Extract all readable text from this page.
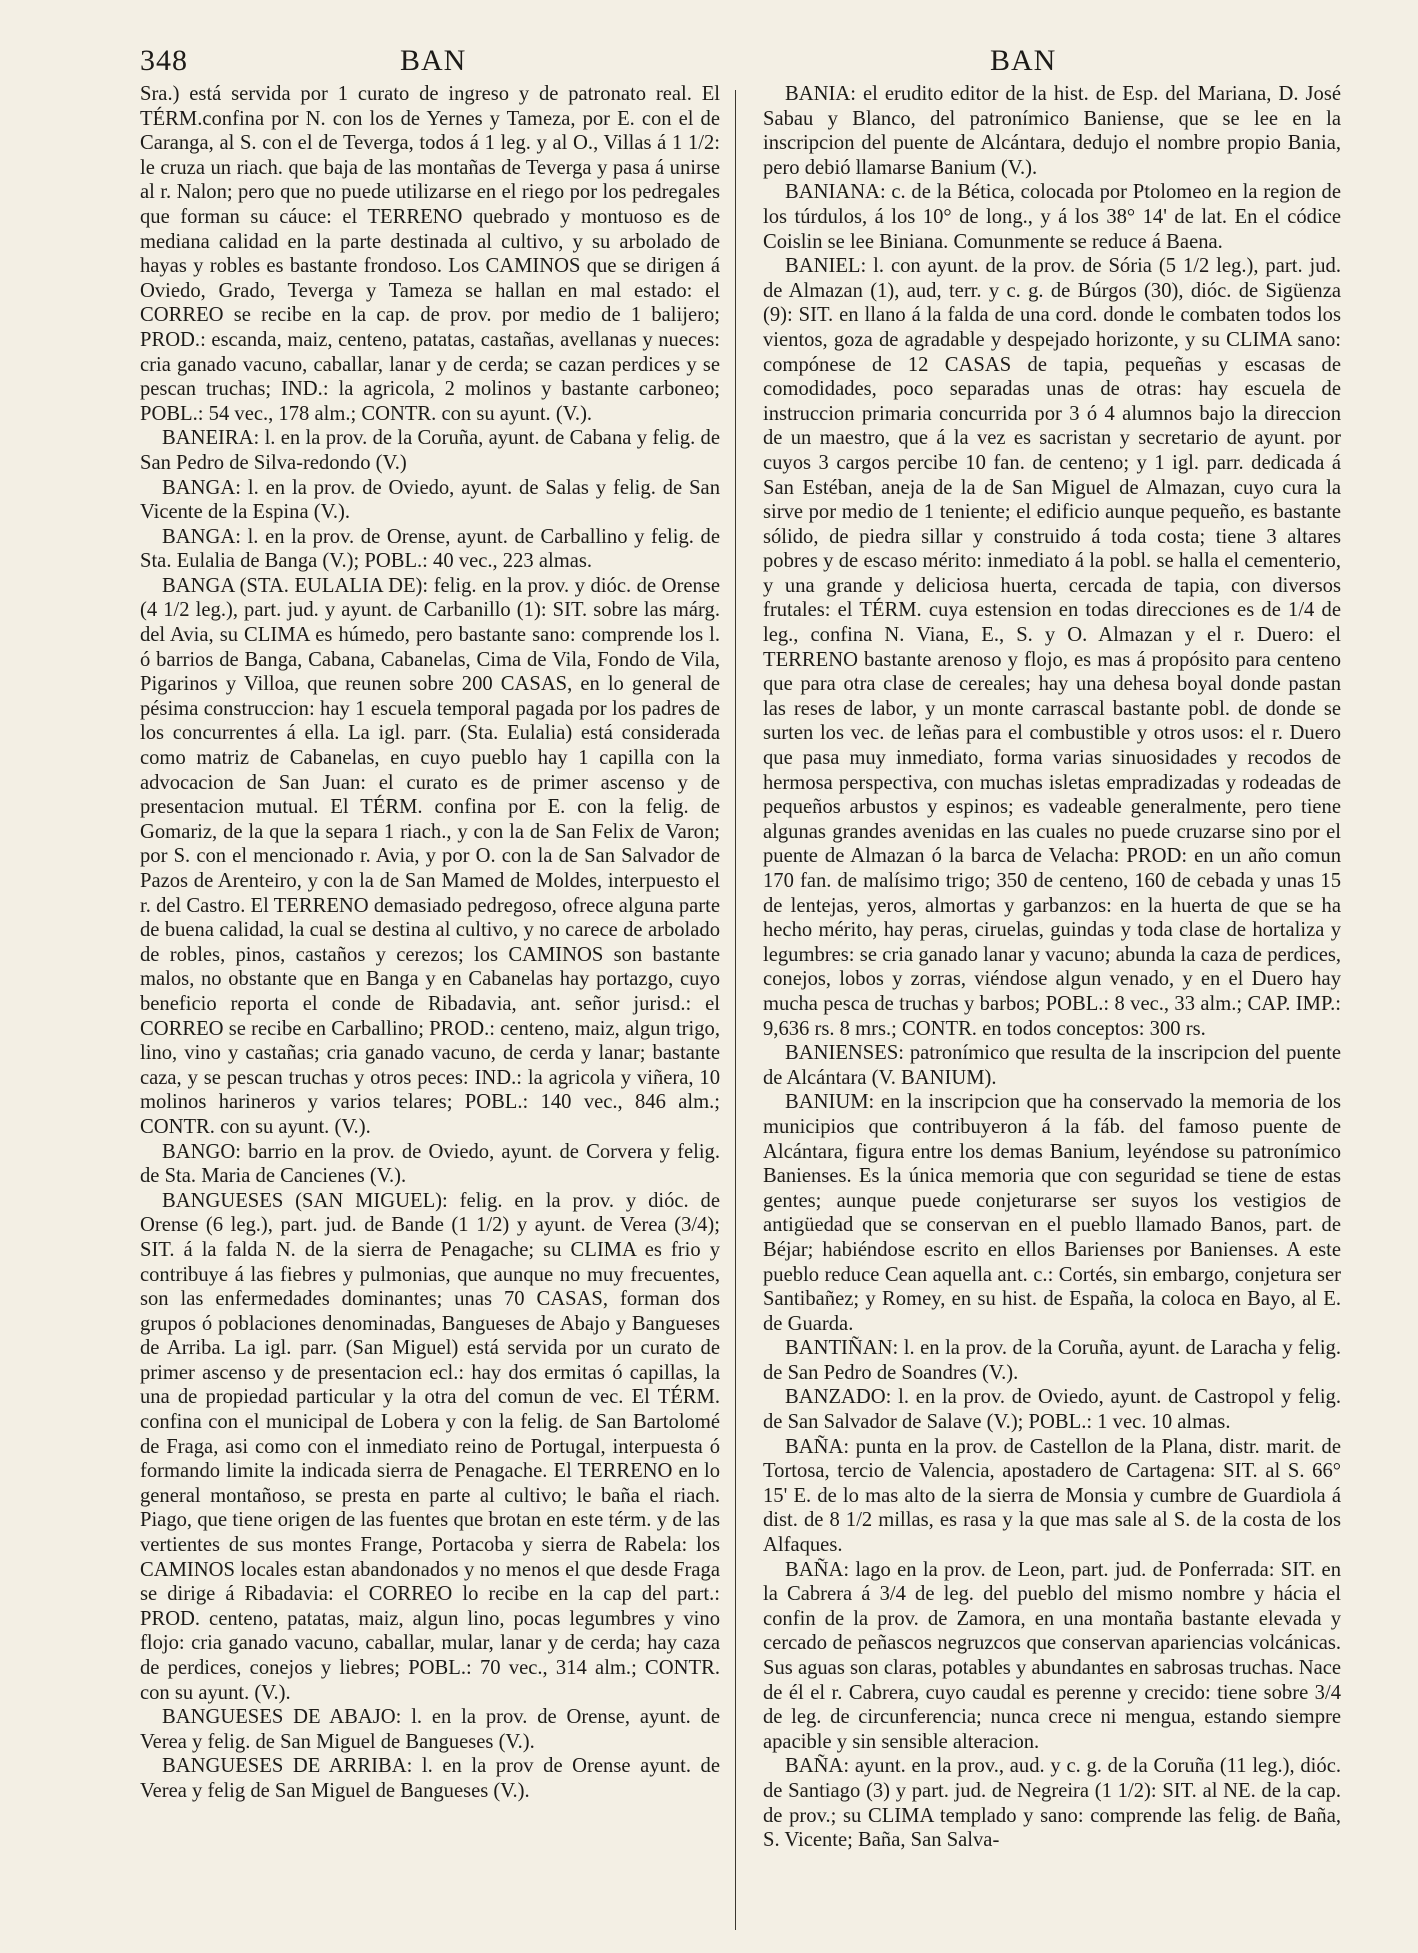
348	BAN	BAN

Sra.) está servida por 1 curato de ingreso y de patronato real. El TÉRM.confina por N. con los de Yernes y Tameza, por E. con el de Caranga, al S. con el de Teverga, todos á 1 leg. y al O., Villas á 1 1/2: le cruza un riach. que baja de las montañas de Teverga y pasa á unirse al r. Nalon; pero que no puede utilizarse en el riego por los pedregales que forman su cáuce: el TERRENO quebrado y montuoso es de mediana calidad en la parte destinada al cultivo, y su arbolado de hayas y robles es bastante frondoso. Los CAMINOS que se dirigen á Oviedo, Grado, Teverga y Tameza se hallan en mal estado: el CORREO se recibe en la cap. de prov. por medio de 1 balijero; PROD.: escanda, maiz, centeno, patatas, castañas, avellanas y nueces: cria ganado vacuno, caballar, lanar y de cerda; se cazan perdices y se pescan truchas; IND.: la agricola, 2 molinos y bastante carboneo; POBL.: 54 vec., 178 alm.; CONTR. con su ayunt. (V.).

BANEIRA: l. en la prov. de la Coruña, ayunt. de Cabana y felig. de San Pedro de Silva-redondo (V.)

BANGA: l. en la prov. de Oviedo, ayunt. de Salas y felig. de San Vicente de la Espina (V.).

BANGA: l. en la prov. de Orense, ayunt. de Carballino y felig. de Sta. Eulalia de Banga (V.); POBL.: 40 vec., 223 almas.

BANGA (STA. EULALIA DE): felig. en la prov. y dióc. de Orense (4 1/2 leg.), part. jud. y ayunt. de Carbanillo (1): SIT. sobre las márg. del Avia, su CLIMA es húmedo, pero bastante sano: comprende los l. ó barrios de Banga, Cabana, Cabanelas, Cima de Vila, Fondo de Vila, Pigarinos y Villoa, que reunen sobre 200 CASAS, en lo general de pésima construccion: hay 1 escuela temporal pagada por los padres de los concurrentes á ella. La igl. parr. (Sta. Eulalia) está considerada como matriz de Cabanelas, en cuyo pueblo hay 1 capilla con la advocacion de San Juan: el curato es de primer ascenso y de presentacion mutual. El TÉRM. confina por E. con la felig. de Gomariz, de la que la separa 1 riach., y con la de San Felix de Varon; por S. con el mencionado r. Avia, y por O. con la de San Salvador de Pazos de Arenteiro, y con la de San Mamed de Moldes, interpuesto el r. del Castro. El TERRENO demasiado pedregoso, ofrece alguna parte de buena calidad, la cual se destina al cultivo, y no carece de arbolado de robles, pinos, castaños y cerezos; los CAMINOS son bastante malos, no obstante que en Banga y en Cabanelas hay portazgo, cuyo beneficio reporta el conde de Ribadavia, ant. señor jurisd.: el CORREO se recibe en Carballino; PROD.: centeno, maiz, algun trigo, lino, vino y castañas; cria ganado vacuno, de cerda y lanar; bastante caza, y se pescan truchas y otros peces: IND.: la agricola y viñera, 10 molinos harineros y varios telares; POBL.: 140 vec., 846 alm.; CONTR. con su ayunt. (V.).

BANGO: barrio en la prov. de Oviedo, ayunt. de Corvera y felig. de Sta. Maria de Cancienes (V.).

BANGUESES (SAN MIGUEL): felig. en la prov. y dióc. de Orense (6 leg.), part. jud. de Bande (1 1/2) y ayunt. de Verea (3/4); SIT. á la falda N. de la sierra de Penagache; su CLIMA es frio y contribuye á las fiebres y pulmonias, que aunque no muy frecuentes, son las enfermedades dominantes; unas 70 CASAS, forman dos grupos ó poblaciones denominadas, Bangueses de Abajo y Bangueses de Arriba. La igl. parr. (San Miguel) está servida por un curato de primer ascenso y de presentacion ecl.: hay dos ermitas ó capillas, la una de propiedad particular y la otra del comun de vec. El TÉRM. confina con el municipal de Lobera y con la felig. de San Bartolomé de Fraga, asi como con el inmediato reino de Portugal, interpuesta ó formando limite la indicada sierra de Penagache. El TERRENO en lo general montañoso, se presta en parte al cultivo; le baña el riach. Piago, que tiene origen de las fuentes que brotan en este térm. y de las vertientes de sus montes Frange, Portacoba y sierra de Rabela: los CAMINOS locales estan abandonados y no menos el que desde Fraga se dirige á Ribadavia: el CORREO lo recibe en la cap del part.: PROD. centeno, patatas, maiz, algun lino, pocas legumbres y vino flojo: cria ganado vacuno, caballar, mular, lanar y de cerda; hay caza de perdices, conejos y liebres; POBL.: 70 vec., 314 alm.; CONTR. con su ayunt. (V.).

BANGUESES DE ABAJO: l. en la prov. de Orense, ayunt. de Verea y felig. de San Miguel de Bangueses (V.).

BANGUESES DE ARRIBA: l. en la prov de Orense ayunt. de Verea y felig de San Miguel de Bangueses (V.).

BANIA: el erudito editor de la hist. de Esp. del Mariana, D. José Sabau y Blanco, del patronímico Baniense, que se lee en la inscripcion del puente de Alcántara, dedujo el nombre propio Bania, pero debió llamarse Banium (V.).

BANIANA: c. de la Bética, colocada por Ptolomeo en la region de los túrdulos, á los 10° de long., y á los 38° 14' de lat. En el códice Coislin se lee Biniana. Comunmente se reduce á Baena.

BANIEL: l. con ayunt. de la prov. de Sória (5 1/2 leg.), part. jud. de Almazan (1), aud, terr. y c. g. de Búrgos (30), dióc. de Sigüenza (9): SIT. en llano á la falda de una cord. donde le combaten todos los vientos, goza de agradable y despejado horizonte, y su CLIMA sano: compónese de 12 CASAS de tapia, pequeñas y escasas de comodidades, poco separadas unas de otras: hay escuela de instruccion primaria concurrida por 3 ó 4 alumnos bajo la direccion de un maestro, que á la vez es sacristan y secretario de ayunt. por cuyos 3 cargos percibe 10 fan. de centeno; y 1 igl. parr. dedicada á San Estéban, aneja de la de San Miguel de Almazan, cuyo cura la sirve por medio de 1 teniente; el edificio aunque pequeño, es bastante sólido, de piedra sillar y construido á toda costa; tiene 3 altares pobres y de escaso mérito: inmediato á la pobl. se halla el cementerio, y una grande y deliciosa huerta, cercada de tapia, con diversos frutales: el TÉRM. cuya estension en todas direcciones es de 1/4 de leg., confina N. Viana, E., S. y O. Almazan y el r. Duero: el TERRENO bastante arenoso y flojo, es mas á propósito para centeno que para otra clase de cereales; hay una dehesa boyal donde pastan las reses de labor, y un monte carrascal bastante pobl. de donde se surten los vec. de leñas para el combustible y otros usos: el r. Duero que pasa muy inmediato, forma varias sinuosidades y recodos de hermosa perspectiva, con muchas isletas empradizadas y rodeadas de pequeños arbustos y espinos; es vadeable generalmente, pero tiene algunas grandes avenidas en las cuales no puede cruzarse sino por el puente de Almazan ó la barca de Velacha: PROD: en un año comun 170 fan. de malísimo trigo; 350 de centeno, 160 de cebada y unas 15 de lentejas, yeros, almortas y garbanzos: en la huerta de que se ha hecho mérito, hay peras, ciruelas, guindas y toda clase de hortaliza y legumbres: se cria ganado lanar y vacuno; abunda la caza de perdices, conejos, lobos y zorras, viéndose algun venado, y en el Duero hay mucha pesca de truchas y barbos; POBL.: 8 vec., 33 alm.; CAP. IMP.: 9,636 rs. 8 mrs.; CONTR. en todos conceptos: 300 rs.

BANIENSES: patronímico que resulta de la inscripcion del puente de Alcántara (V. BANIUM).

BANIUM: en la inscripcion que ha conservado la memoria de los municipios que contribuyeron á la fáb. del famoso puente de Alcántara, figura entre los demas Banium, leyéndose su patronímico Banienses. Es la única memoria que con seguridad se tiene de estas gentes; aunque puede conjeturarse ser suyos los vestigios de antigüedad que se conservan en el pueblo llamado Banos, part. de Béjar; habiéndose escrito en ellos Barienses por Banienses. A este pueblo reduce Cean aquella ant. c.: Cortés, sin embargo, conjetura ser Santibañez; y Romey, en su hist. de España, la coloca en Bayo, al E. de Guarda.

BANTIÑAN: l. en la prov. de la Coruña, ayunt. de Laracha y felig. de San Pedro de Soandres (V.).

BANZADO: l. en la prov. de Oviedo, ayunt. de Castropol y felig. de San Salvador de Salave (V.); POBL.: 1 vec. 10 almas.

BAÑA: punta en la prov. de Castellon de la Plana, distr. marit. de Tortosa, tercio de Valencia, apostadero de Cartagena: SIT. al S. 66° 15' E. de lo mas alto de la sierra de Monsia y cumbre de Guardiola á dist. de 8 1/2 millas, es rasa y la que mas sale al S. de la costa de los Alfaques.

BAÑA: lago en la prov. de Leon, part. jud. de Ponferrada: SIT. en la Cabrera á 3/4 de leg. del pueblo del mismo nombre y hácia el confin de la prov. de Zamora, en una montaña bastante elevada y cercado de peñascos negruzcos que conservan apariencias volcánicas. Sus aguas son claras, potables y abundantes en sabrosas truchas. Nace de él el r. Cabrera, cuyo caudal es perenne y crecido: tiene sobre 3/4 de leg. de circunferencia; nunca crece ni mengua, estando siempre apacible y sin sensible alteracion.

BAÑA: ayunt. en la prov., aud. y c. g. de la Coruña (11 leg.), dióc. de Santiago (3) y part. jud. de Negreira (1 1/2): SIT. al NE. de la cap. de prov.; su CLIMA templado y sano: comprende las felig. de Baña, S. Vicente; Baña, San Salva-
